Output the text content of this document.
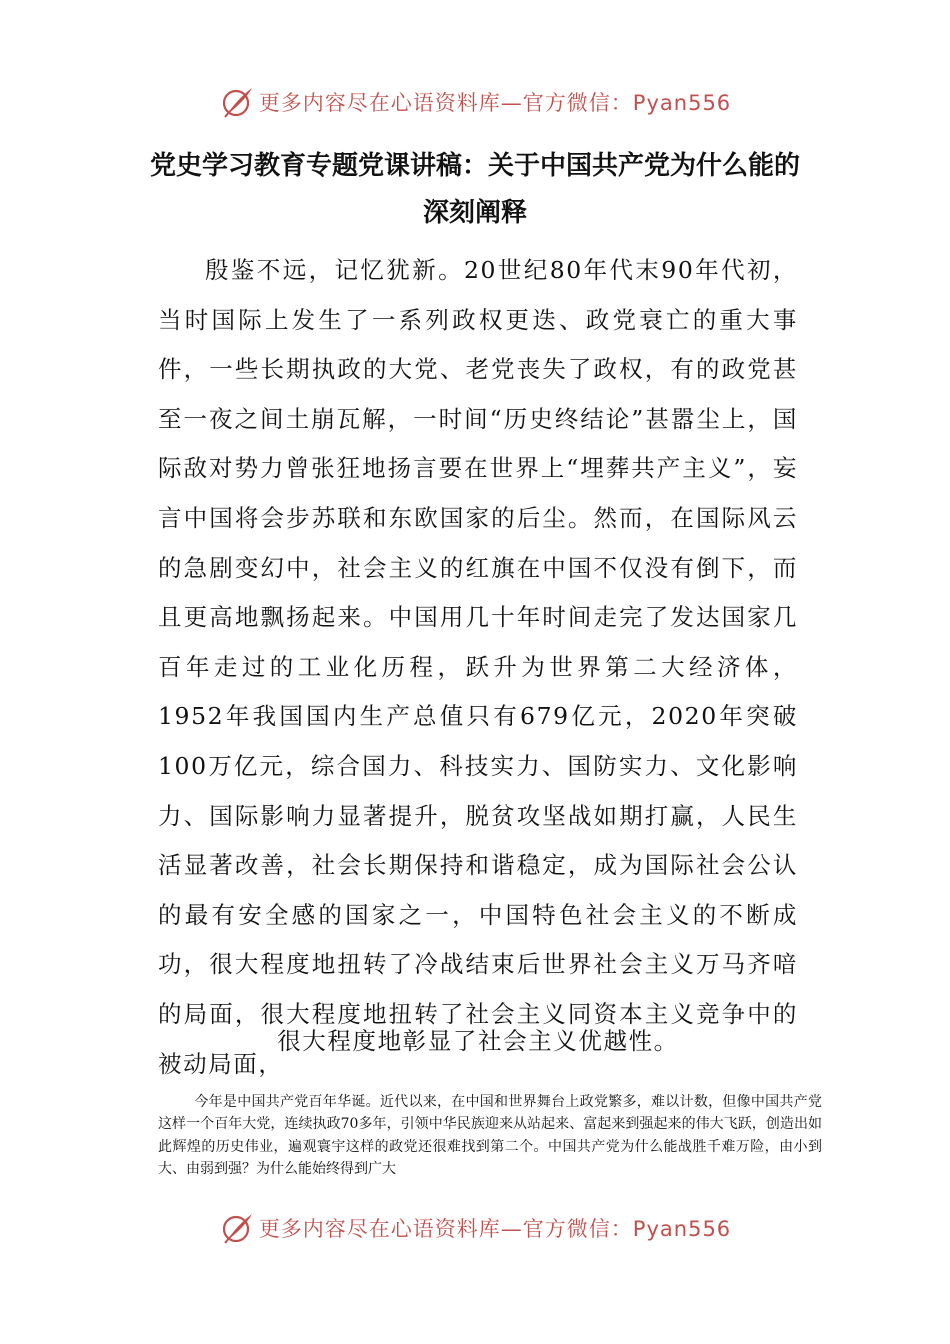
更多内容尽在心语资料库—官方微信：Pyan556
党史学习教育专题党课讲稿：关于中国共产党为什么能的深刻阐释

殷鉴不远，记忆犹新。20世纪80年代末90年代初，当时国际上发生了一系列政权更迭、政党衰亡的重大事件，一些长期执政的大党、老党丧失了政权，有的政党甚至一夜之间土崩瓦解，一时间“历史终结论”甚嚣尘上，国际敌对势力曾张狂地扬言要在世界上“埋葬共产主义”，妄言中国将会步苏联和东欧国家的后尘。然而，在国际风云的急剧变幻中，社会主义的红旗在中国不仅没有倒下，而且更高地飘扬起来。中国用几十年时间走完了发达国家几百年走过的工业化历程，跃升为世界第二大经济体，1952年我国国内生产总值只有679亿元，2020年突破100万亿元，综合国力、科技实力、国防实力、文化影响力、国际影响力显著提升，脱贫攻坚战如期打赢，人民生活显著改善，社会长期保持和谐稳定，成为国际社会公认的最有安全感的国家之一，中国特色社会主义的不断成功，很大程度地扭转了冷战结束后世界社会主义万马齐喑的局面，很大程度地扭转了社会主义同资本主义竞争中的被动局面，

很大程度地彰显了社会主义优越性。

今年是中国共产党百年华诞。近代以来，在中国和世界舞台上政党繁多，难以计数，但像中国共产党这样一个百年大党，连续执政70多年，引领中华民族迎来从站起来、富起来到强起来的伟大飞跃，创造出如此辉煌的历史伟业，遍观寰宇这样的政党还很难找到第二个。中国共产党为什么能战胜千难万险，由小到大、由弱到强？为什么能始终得到广大

更多内容尽在心语资料库—官方微信：Pyan556
